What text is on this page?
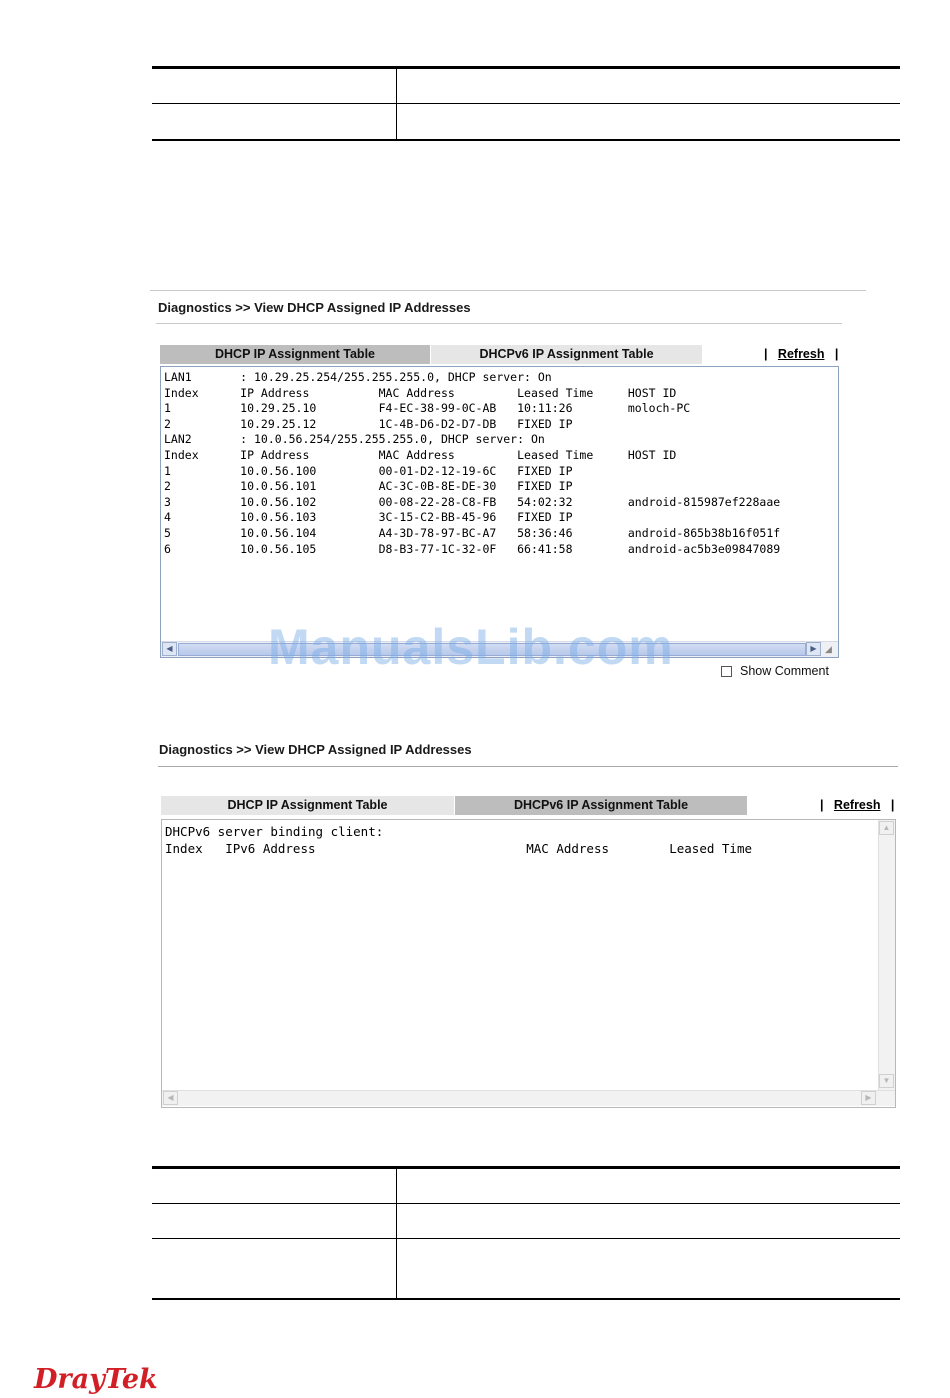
Diagnostics >> View DHCP Assigned IP Addresses
DHCP IP Assignment Table	DHCPv6 IP Assignment Table	| Refresh |
LAN1       : 10.29.25.254/255.255.255.0, DHCP server: On
Index      IP Address          MAC Address         Leased Time     HOST ID
1          10.29.25.10         F4-EC-38-99-0C-AB   10:11:26        moloch-PC
2          10.29.25.12         1C-4B-D6-D2-D7-DB   FIXED IP
LAN2       : 10.0.56.254/255.255.255.0, DHCP server: On
Index      IP Address          MAC Address         Leased Time     HOST ID
1          10.0.56.100         00-01-D2-12-19-6C   FIXED IP
2          10.0.56.101         AC-3C-0B-8E-DE-30   FIXED IP
3          10.0.56.102         00-08-22-28-C8-FB   54:02:32        android-815987ef228aae
4          10.0.56.103         3C-15-C2-BB-45-96   FIXED IP
5          10.0.56.104         A4-3D-78-97-BC-A7   58:36:46        android-865b38b16f051f
6          10.0.56.105         D8-B3-77-1C-32-0F   66:41:58        android-ac5b3e09847089
◀	▶ ◢
Show Comment
ManualsLib.com
Diagnostics >> View DHCP Assigned IP Addresses
DHCP IP Assignment Table	DHCPv6 IP Assignment Table	| Refresh |
DHCPv6 server binding client:
Index   IPv6 Address                            MAC Address        Leased Time
▲
▼
◀	▶

DrayTek
